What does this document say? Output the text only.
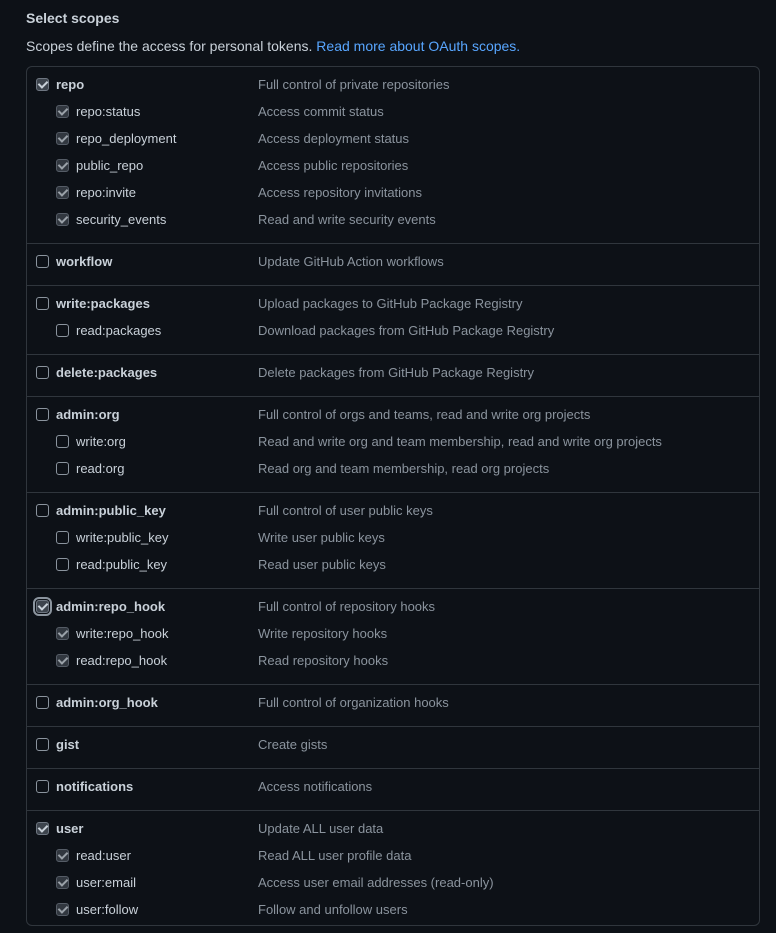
Select scopes
Scopes define the access for personal tokens. Read more about OAuth scopes.
repo	Full control of private repositories
repo:status	Access commit status
repo_deployment	Access deployment status
public_repo	Access public repositories
repo:invite	Access repository invitations
security_events	Read and write security events
workflow	Update GitHub Action workflows
write:packages	Upload packages to GitHub Package Registry
read:packages	Download packages from GitHub Package Registry
delete:packages	Delete packages from GitHub Package Registry
admin:org	Full control of orgs and teams, read and write org projects
write:org	Read and write org and team membership, read and write org projects
read:org	Read org and team membership, read org projects
admin:public_key	Full control of user public keys
write:public_key	Write user public keys
read:public_key	Read user public keys
admin:repo_hook	Full control of repository hooks
write:repo_hook	Write repository hooks
read:repo_hook	Read repository hooks
admin:org_hook	Full control of organization hooks
gist	Create gists
notifications	Access notifications
user	Update ALL user data
read:user	Read ALL user profile data
user:email	Access user email addresses (read-only)
user:follow	Follow and unfollow users
